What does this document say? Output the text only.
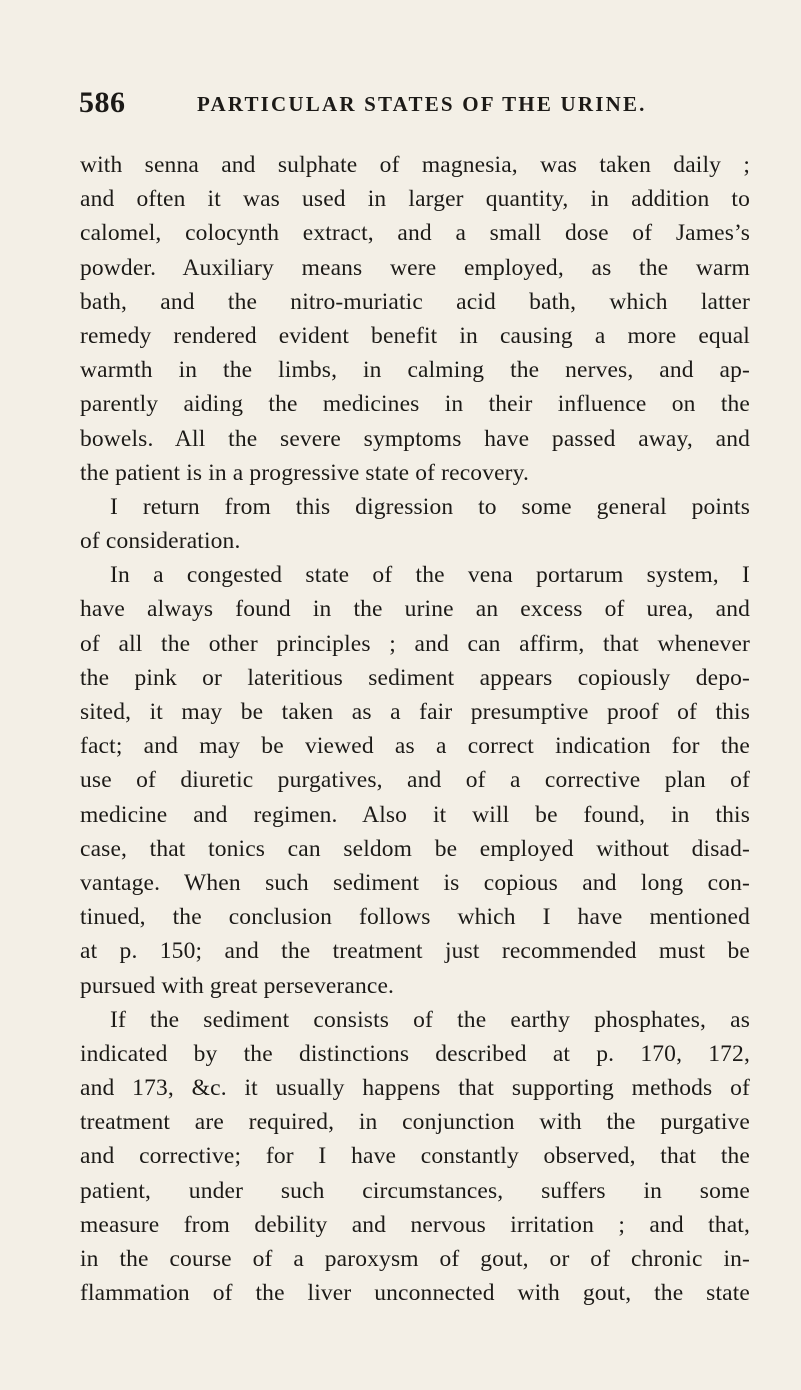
586	PARTICULAR STATES OF THE URINE.
with senna and sulphate of magnesia, was taken daily ;
and often it was used in larger quantity, in addition to
calomel, colocynth extract, and a small dose of James’s
powder. Auxiliary means were employed, as the warm
bath, and the nitro-muriatic acid bath, which latter
remedy rendered evident benefit in causing a more equal
warmth in the limbs, in calming the nerves, and ap-
parently aiding the medicines in their influence on the
bowels. All the severe symptoms have passed away, and
the patient is in a progressive state of recovery.
I return from this digression to some general points
of consideration.
In a congested state of the vena portarum system, I
have always found in the urine an excess of urea, and
of all the other principles ; and can affirm, that whenever
the pink or lateritious sediment appears copiously depo-
sited, it may be taken as a fair presumptive proof of this
fact; and may be viewed as a correct indication for the
use of diuretic purgatives, and of a corrective plan of
medicine and regimen. Also it will be found, in this
case, that tonics can seldom be employed without disad-
vantage. When such sediment is copious and long con-
tinued, the conclusion follows which I have mentioned
at p. 150; and the treatment just recommended must be
pursued with great perseverance.
If the sediment consists of the earthy phosphates, as
indicated by the distinctions described at p. 170, 172,
and 173, &c. it usually happens that supporting methods of
treatment are required, in conjunction with the purgative
and corrective; for I have constantly observed, that the
patient, under such circumstances, suffers in some
measure from debility and nervous irritation ; and that,
in the course of a paroxysm of gout, or of chronic in-
flammation of the liver unconnected with gout, the state
